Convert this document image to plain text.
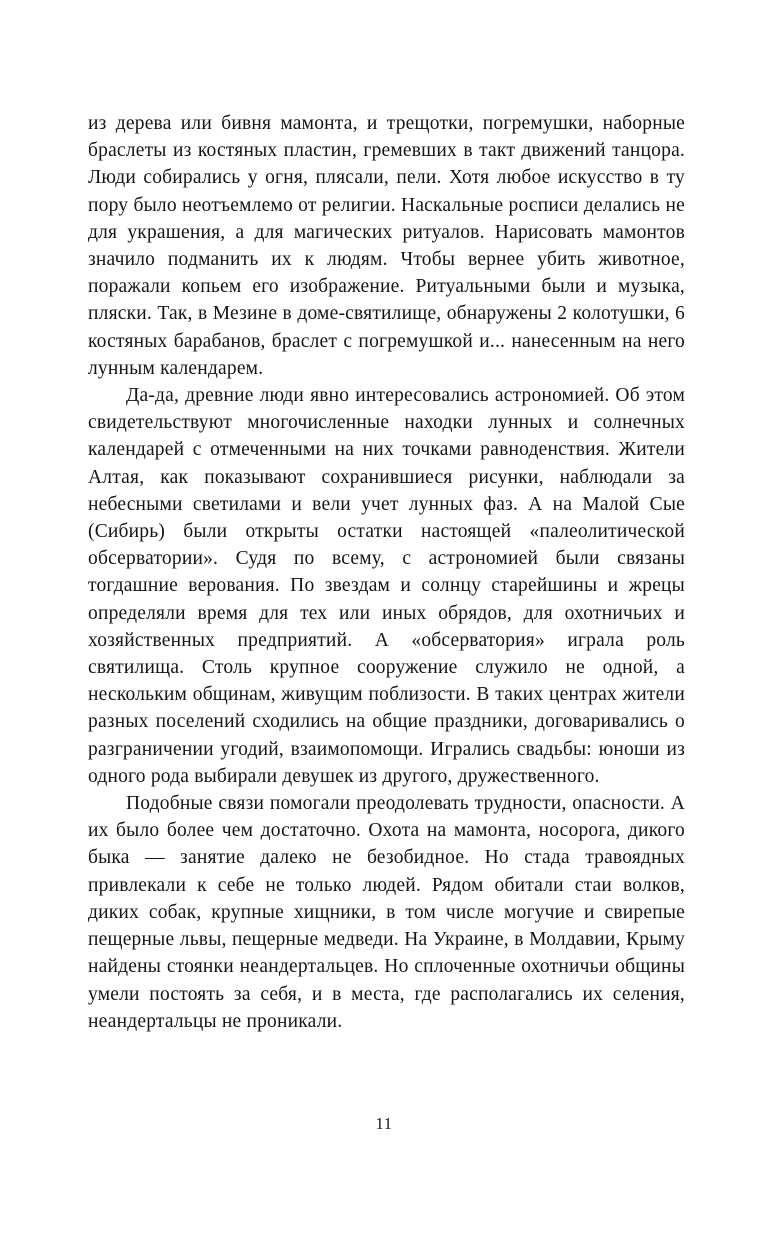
из дерева или бивня мамонта, и трещотки, погремушки, наборные браслеты из костяных пластин, гремевших в такт движений танцора. Люди собирались у огня, плясали, пели. Хотя любое искусство в ту пору было неотъемлемо от религии. Наскальные росписи делались не для украшения, а для магических ритуалов. Нарисовать мамонтов значило подманить их к людям. Чтобы вернее убить животное, поражали копьем его изображение. Ритуальными были и музыка, пляски. Так, в Мезине в доме-святилище, обнаружены 2 колотушки, 6 костяных барабанов, браслет с погремушкой и... нанесенным на него лунным календарем.

Да-да, древние люди явно интересовались астрономией. Об этом свидетельствуют многочисленные находки лунных и солнечных календарей с отмеченными на них точками равноденствия. Жители Алтая, как показывают сохранившиеся рисунки, наблюдали за небесными светилами и вели учет лунных фаз. А на Малой Сые (Сибирь) были открыты остатки настоящей «палеолитической обсерватории». Судя по всему, с астрономией были связаны тогдашние верования. По звездам и солнцу старейшины и жрецы определяли время для тех или иных обрядов, для охотничьих и хозяйственных предприятий. А «обсерватория» играла роль святилища. Столь крупное сооружение служило не одной, а нескольким общинам, живущим поблизости. В таких центрах жители разных поселений сходились на общие праздники, договаривались о разграничении угодий, взаимопомощи. Игрались свадьбы: юноши из одного рода выбирали девушек из другого, дружественного.

Подобные связи помогали преодолевать трудности, опасности. А их было более чем достаточно. Охота на мамонта, носорога, дикого быка — занятие далеко не безобидное. Но стада травоядных привлекали к себе не только людей. Рядом обитали стаи волков, диких собак, крупные хищники, в том числе могучие и свирепые пещерные львы, пещерные медведи. На Украине, в Молдавии, Крыму найдены стоянки неандертальцев. Но сплоченные охотничьи общины умели постоять за себя, и в места, где располагались их селения, неандертальцы не проникали.

11
